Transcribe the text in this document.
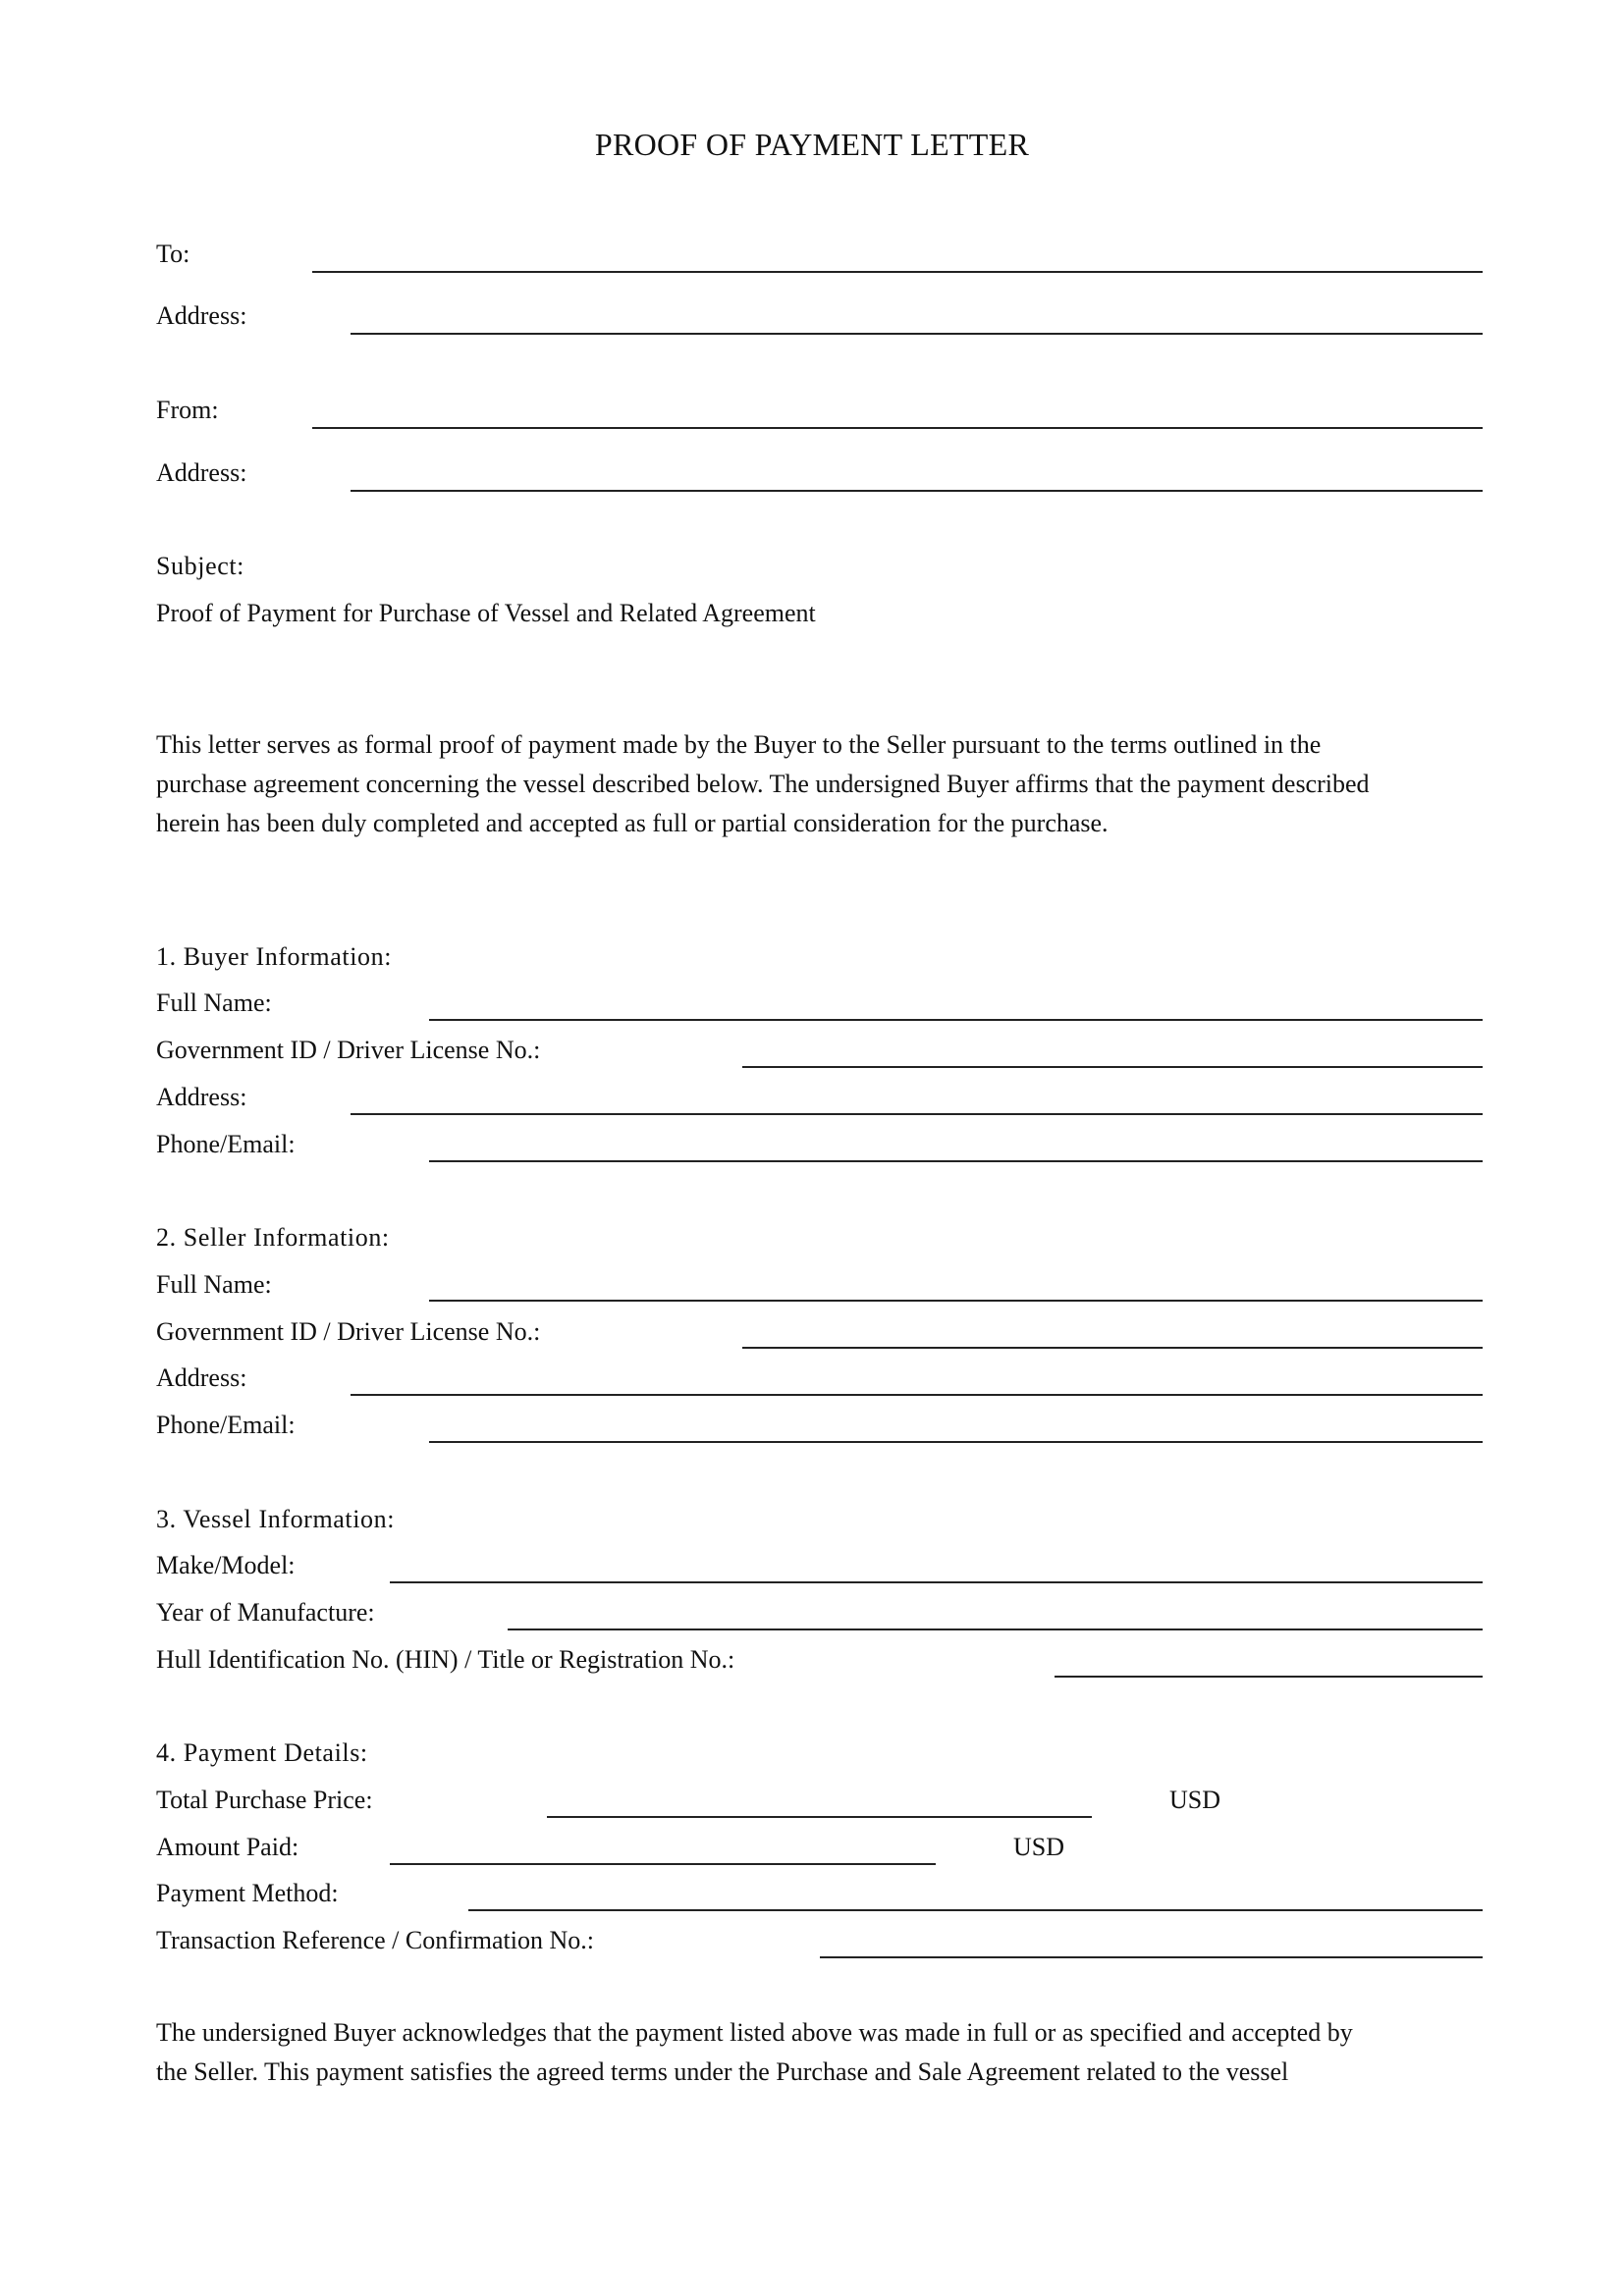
PROOF OF PAYMENT LETTER
To:
Address:
From:
Address:
Subject:
Proof of Payment for Purchase of Vessel and Related Agreement
This letter serves as formal proof of payment made by the Buyer to the Seller pursuant to the terms outlined in the
purchase agreement concerning the vessel described below. The undersigned Buyer affirms that the payment described
herein has been duly completed and accepted as full or partial consideration for the purchase.
1. Buyer Information:
Full Name:
Government ID / Driver License No.:
Address:
Phone/Email:
2. Seller Information:
Full Name:
Government ID / Driver License No.:
Address:
Phone/Email:
3. Vessel Information:
Make/Model:
Year of Manufacture:
Hull Identification No. (HIN) / Title or Registration No.:
4. Payment Details:
Total Purchase Price:	USD
Amount Paid:	USD
Payment Method:
Transaction Reference / Confirmation No.:
The undersigned Buyer acknowledges that the payment listed above was made in full or as specified and accepted by
the Seller. This payment satisfies the agreed terms under the Purchase and Sale Agreement related to the vessel
